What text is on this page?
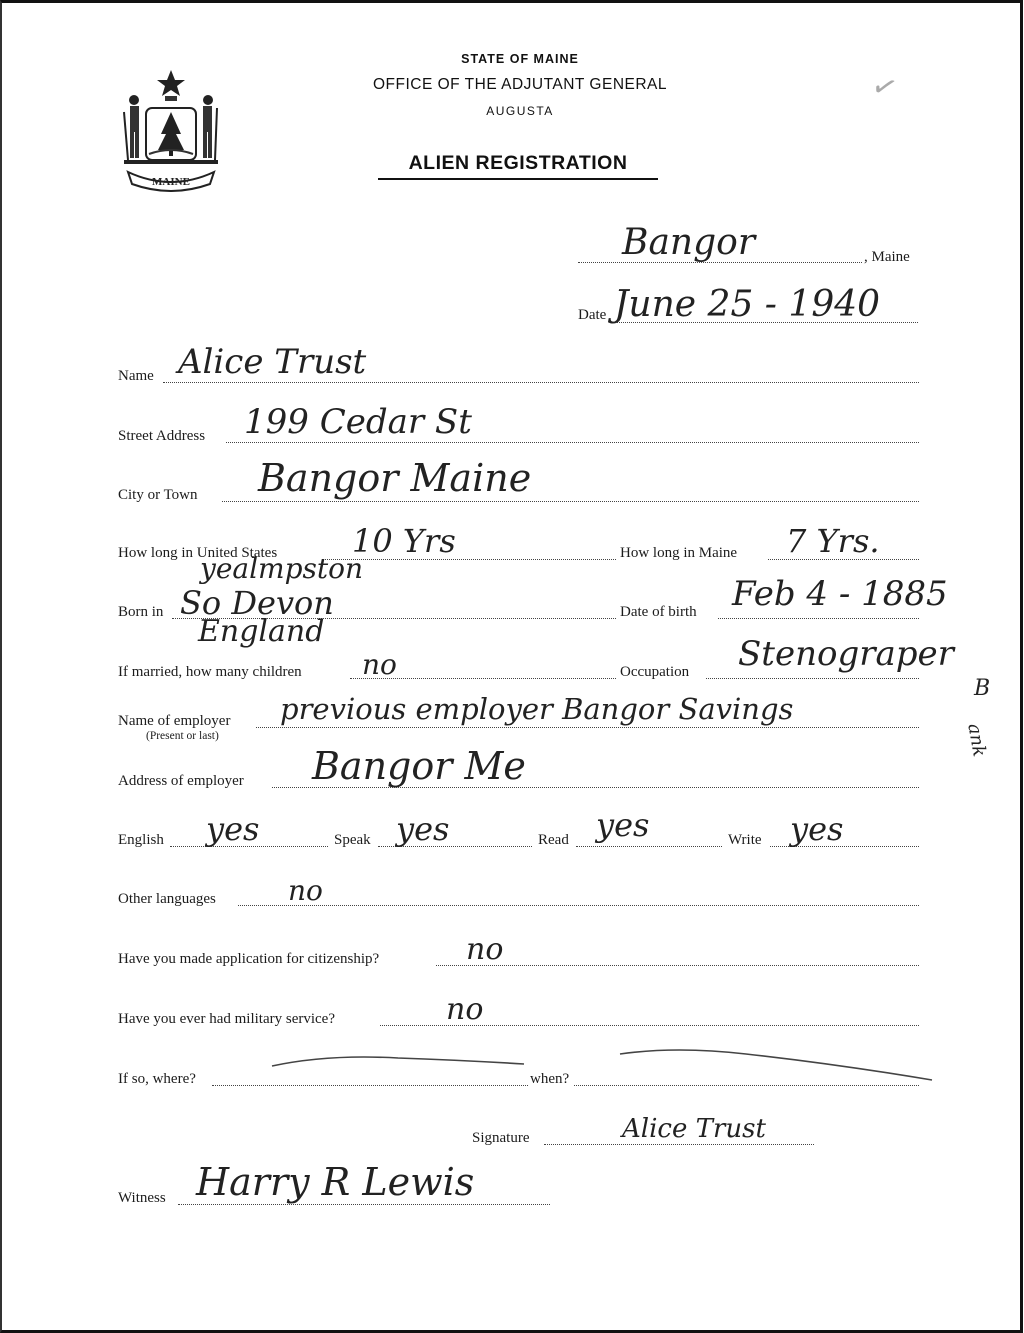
MAINE
STATE OF MAINE
OFFICE OF THE ADJUTANT GENERAL
AUGUSTA
ALIEN REGISTRATION
✓
Bangor	, Maine
Date June 25 - 1940
Name Alice Trust
Street Address 199 Cedar St
City or Town Bangor Maine
How long in United States 10 Yrs	How long in Maine 7 Yrs.
yealmpston
Born in So Devon
England
Date of birth Feb 4 - 1885
If married, how many children no	Occupation Stenograper
Name of employer
(Present or last)
previous employer Bangor Savings
B
ank
Address of employer Bangor Me
English yes	Speak yes	Read yes	Write yes
Other languages	no
Have you made application for citizenship?	no
Have you ever had military service?	no
If so, where?	when?
Signature	Alice Trust
Witness Harry R Lewis
